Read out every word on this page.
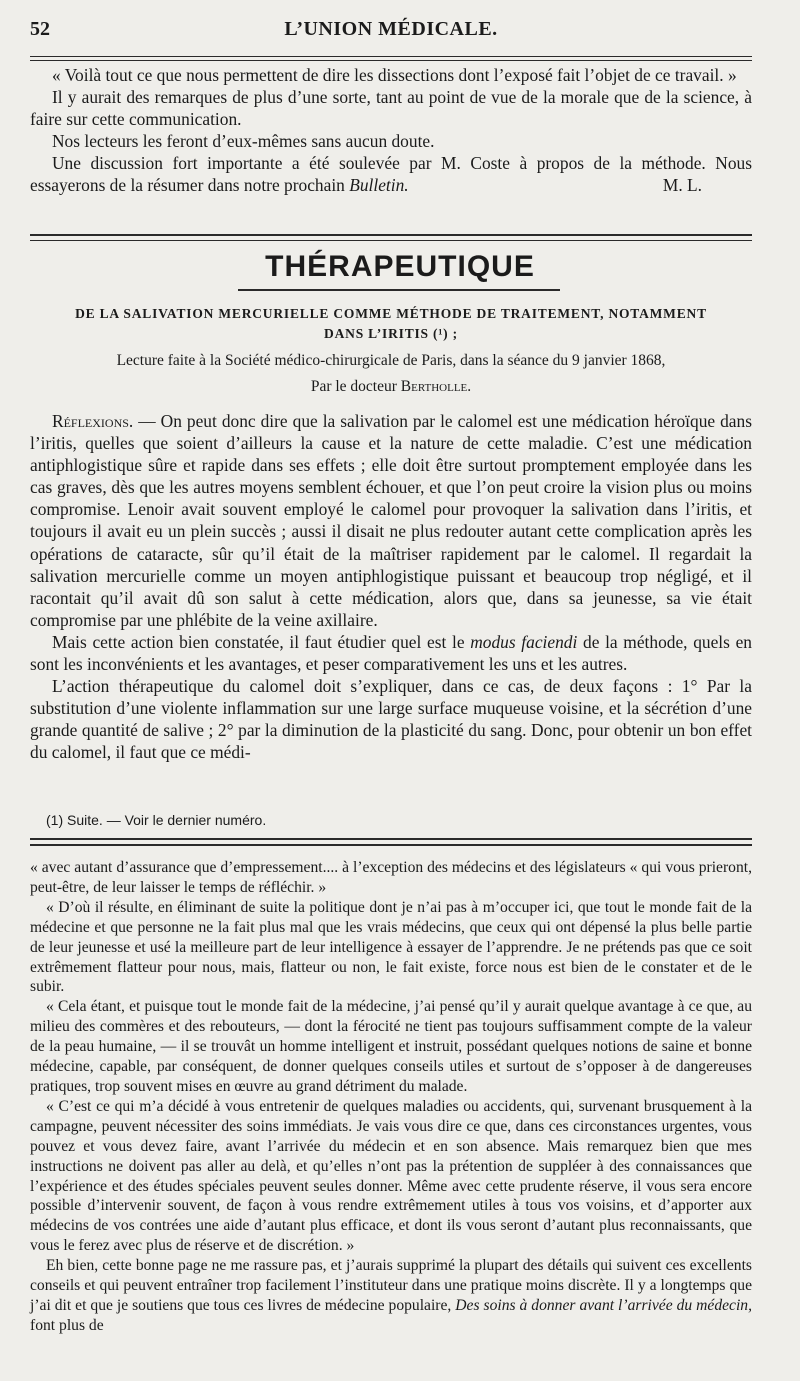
52	L’UNION MÉDICALE.

« Voilà tout ce que nous permettent de dire les dissections dont l’exposé fait l’objet de ce travail. »

Il y aurait des remarques de plus d’une sorte, tant au point de vue de la morale que de la science, à faire sur cette communication.

Nos lecteurs les feront d’eux-mêmes sans aucun doute.

Une discussion fort importante a été soulevée par M. Coste à propos de la méthode. Nous essayerons de la résumer dans notre prochain Bulletin.	M. L.

THÉRAPEUTIQUE
DE LA SALIVATION MERCURIELLE COMME MÉTHODE DE TRAITEMENT, NOTAMMENT
DANS L’IRITIS (¹) ;
Lecture faite à la Société médico-chirurgicale de Paris, dans la séance du 9 janvier 1868,
Par le docteur Bertholle.

Réflexions. — On peut donc dire que la salivation par le calomel est une médication héroïque dans l’iritis, quelles que soient d’ailleurs la cause et la nature de cette maladie. C’est une médication antiphlogistique sûre et rapide dans ses effets ; elle doit être surtout promptement employée dans les cas graves, dès que les autres moyens semblent échouer, et que l’on peut croire la vision plus ou moins compromise. Lenoir avait souvent employé le calomel pour provoquer la salivation dans l’iritis, et toujours il avait eu un plein succès ; aussi il disait ne plus redouter autant cette complication après les opérations de cataracte, sûr qu’il était de la maîtriser rapidement par le calomel. Il regardait la salivation mercurielle comme un moyen antiphlogistique puissant et beaucoup trop négligé, et il racontait qu’il avait dû son salut à cette médication, alors que, dans sa jeunesse, sa vie était compromise par une phlébite de la veine axillaire.

Mais cette action bien constatée, il faut étudier quel est le modus faciendi de la méthode, quels en sont les inconvénients et les avantages, et peser comparativement les uns et les autres.

L’action thérapeutique du calomel doit s’expliquer, dans ce cas, de deux façons : 1° Par la substitution d’une violente inflammation sur une large surface muqueuse voisine, et la sécrétion d’une grande quantité de salive ; 2° par la diminution de la plasticité du sang. Donc, pour obtenir un bon effet du calomel, il faut que ce médi-

(1) Suite. — Voir le dernier numéro.

« avec autant d’assurance que d’empressement.... à l’exception des médecins et des législateurs « qui vous prieront, peut-être, de leur laisser le temps de réfléchir. »

« D’où il résulte, en éliminant de suite la politique dont je n’ai pas à m’occuper ici, que tout le monde fait de la médecine et que personne ne la fait plus mal que les vrais médecins, que ceux qui ont dépensé la plus belle partie de leur jeunesse et usé la meilleure part de leur intelligence à essayer de l’apprendre. Je ne prétends pas que ce soit extrêmement flatteur pour nous, mais, flatteur ou non, le fait existe, force nous est bien de le constater et de le subir.

« Cela étant, et puisque tout le monde fait de la médecine, j’ai pensé qu’il y aurait quelque avantage à ce que, au milieu des commères et des rebouteurs, — dont la férocité ne tient pas toujours suffisamment compte de la valeur de la peau humaine, — il se trouvât un homme intelligent et instruit, possédant quelques notions de saine et bonne médecine, capable, par conséquent, de donner quelques conseils utiles et surtout de s’opposer à de dangereuses pratiques, trop souvent mises en œuvre au grand détriment du malade.

« C’est ce qui m’a décidé à vous entretenir de quelques maladies ou accidents, qui, survenant brusquement à la campagne, peuvent nécessiter des soins immédiats. Je vais vous dire ce que, dans ces circonstances urgentes, vous pouvez et vous devez faire, avant l’arrivée du médecin et en son absence. Mais remarquez bien que mes instructions ne doivent pas aller au delà, et qu’elles n’ont pas la prétention de suppléer à des connaissances que l’expérience et des études spéciales peuvent seules donner. Même avec cette prudente réserve, il vous sera encore possible d’intervenir souvent, de façon à vous rendre extrêmement utiles à tous vos voisins, et d’apporter aux médecins de vos contrées une aide d’autant plus efficace, et dont ils vous seront d’autant plus reconnaissants, que vous le ferez avec plus de réserve et de discrétion. »

Eh bien, cette bonne page ne me rassure pas, et j’aurais supprimé la plupart des détails qui suivent ces excellents conseils et qui peuvent entraîner trop facilement l’instituteur dans une pratique moins discrète. Il y a longtemps que j’ai dit et que je soutiens que tous ces livres de médecine populaire, Des soins à donner avant l’arrivée du médecin, font plus de
